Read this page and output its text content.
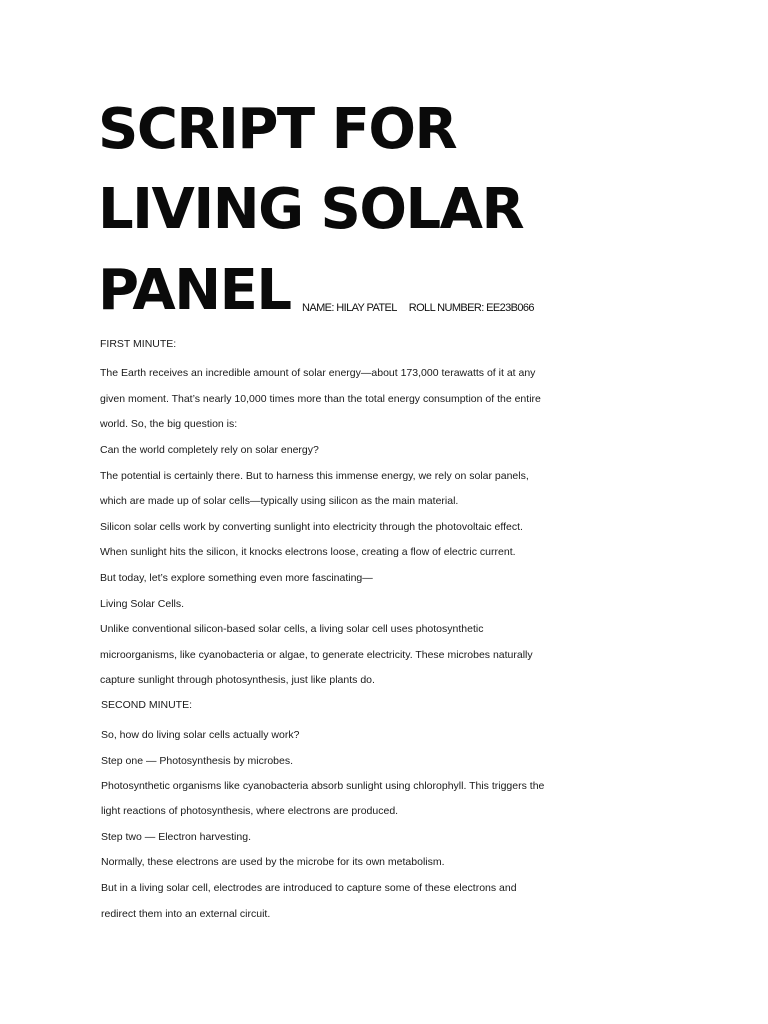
SCRIPT FOR
LIVING SOLAR
PANEL NAME: HILAY PATEL ROLL NUMBER: EE23B066

FIRST MINUTE:

The Earth receives an incredible amount of solar energy—about 173,000 terawatts of it at any

given moment. That’s nearly 10,000 times more than the total energy consumption of the entire

world. So, the big question is:

Can the world completely rely on solar energy?

The potential is certainly there. But to harness this immense energy, we rely on solar panels,

which are made up of solar cells—typically using silicon as the main material.

Silicon solar cells work by converting sunlight into electricity through the photovoltaic effect.

When sunlight hits the silicon, it knocks electrons loose, creating a flow of electric current.

But today, let’s explore something even more fascinating—

Living Solar Cells.

Unlike conventional silicon-based solar cells, a living solar cell uses photosynthetic

microorganisms, like cyanobacteria or algae, to generate electricity. These microbes naturally

capture sunlight through photosynthesis, just like plants do.

SECOND MINUTE:

So, how do living solar cells actually work?

Step one — Photosynthesis by microbes.

Photosynthetic organisms like cyanobacteria absorb sunlight using chlorophyll. This triggers the

light reactions of photosynthesis, where electrons are produced.

Step two — Electron harvesting.

Normally, these electrons are used by the microbe for its own metabolism.

But in a living solar cell, electrodes are introduced to capture some of these electrons and

redirect them into an external circuit.
